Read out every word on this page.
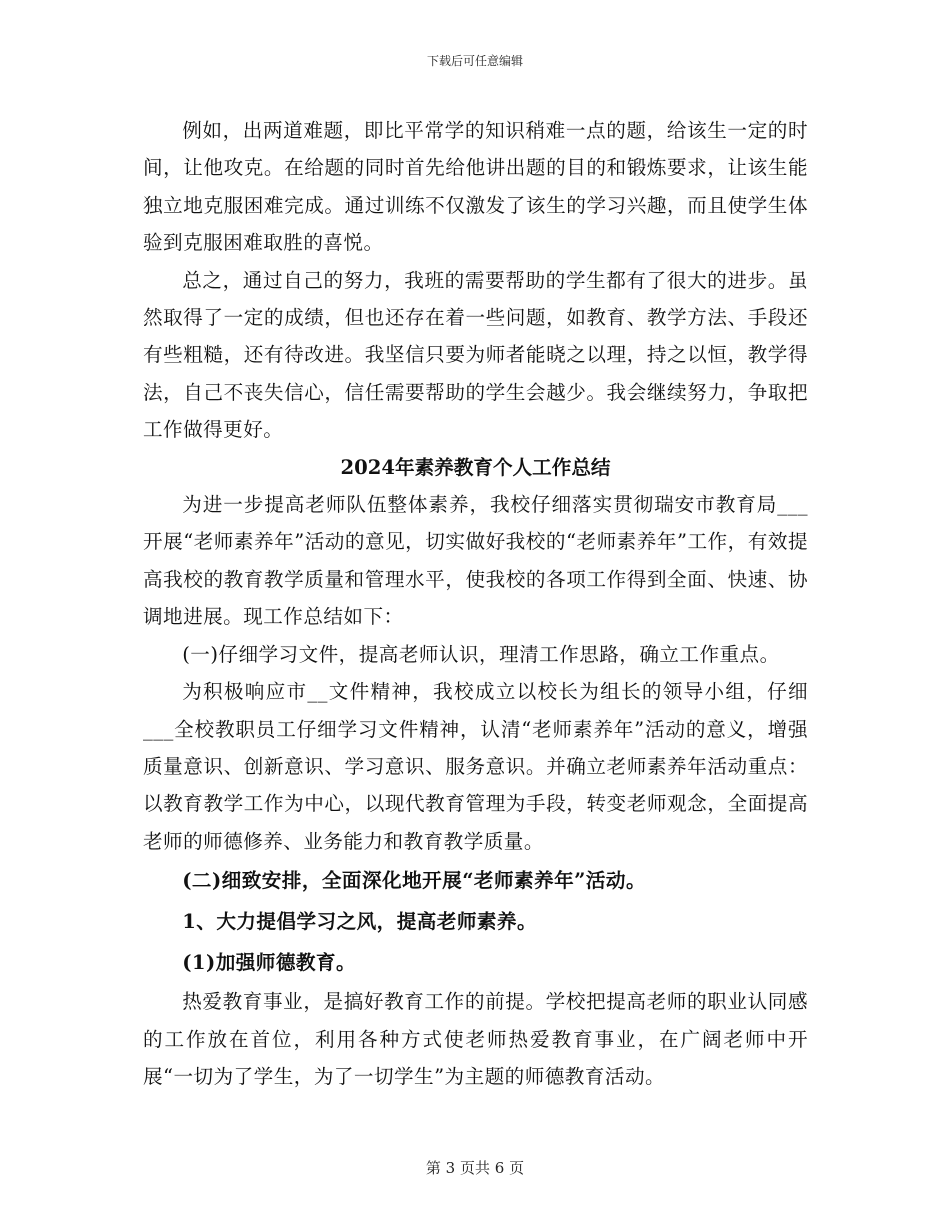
下载后可任意编辑

例如，出两道难题，即比平常学的知识稍难一点的题，给该生一定的时间，让他攻克。在给题的同时首先给他讲出题的目的和锻炼要求，让该生能独立地克服困难完成。通过训练不仅激发了该生的学习兴趣，而且使学生体验到克服困难取胜的喜悦。

总之，通过自己的努力，我班的需要帮助的学生都有了很大的进步。虽然取得了一定的成绩，但也还存在着一些问题，如教育、教学方法、手段还有些粗糙，还有待改进。我坚信只要为师者能晓之以理，持之以恒，教学得法，自己不丧失信心，信任需要帮助的学生会越少。我会继续努力，争取把工作做得更好。

2024年素养教育个人工作总结

为进一步提高老师队伍整体素养，我校仔细落实贯彻瑞安市教育局___开展“老师素养年”活动的意见，切实做好我校的“老师素养年”工作，有效提高我校的教育教学质量和管理水平，使我校的各项工作得到全面、快速、协调地进展。现工作总结如下：

(一)仔细学习文件，提高老师认识，理清工作思路，确立工作重点。

为积极响应市__文件精神，我校成立以校长为组长的领导小组，仔细___全校教职员工仔细学习文件精神，认清“老师素养年”活动的意义，增强质量意识、创新意识、学习意识、服务意识。并确立老师素养年活动重点：以教育教学工作为中心，以现代教育管理为手段，转变老师观念，全面提高老师的师德修养、业务能力和教育教学质量。

(二)细致安排，全面深化地开展“老师素养年”活动。

1、大力提倡学习之风，提高老师素养。

(1)加强师德教育。

热爱教育事业，是搞好教育工作的前提。学校把提高老师的职业认同感的工作放在首位，利用各种方式使老师热爱教育事业，在广阔老师中开展“一切为了学生，为了一切学生”为主题的师德教育活动。

第 3 页共 6 页
